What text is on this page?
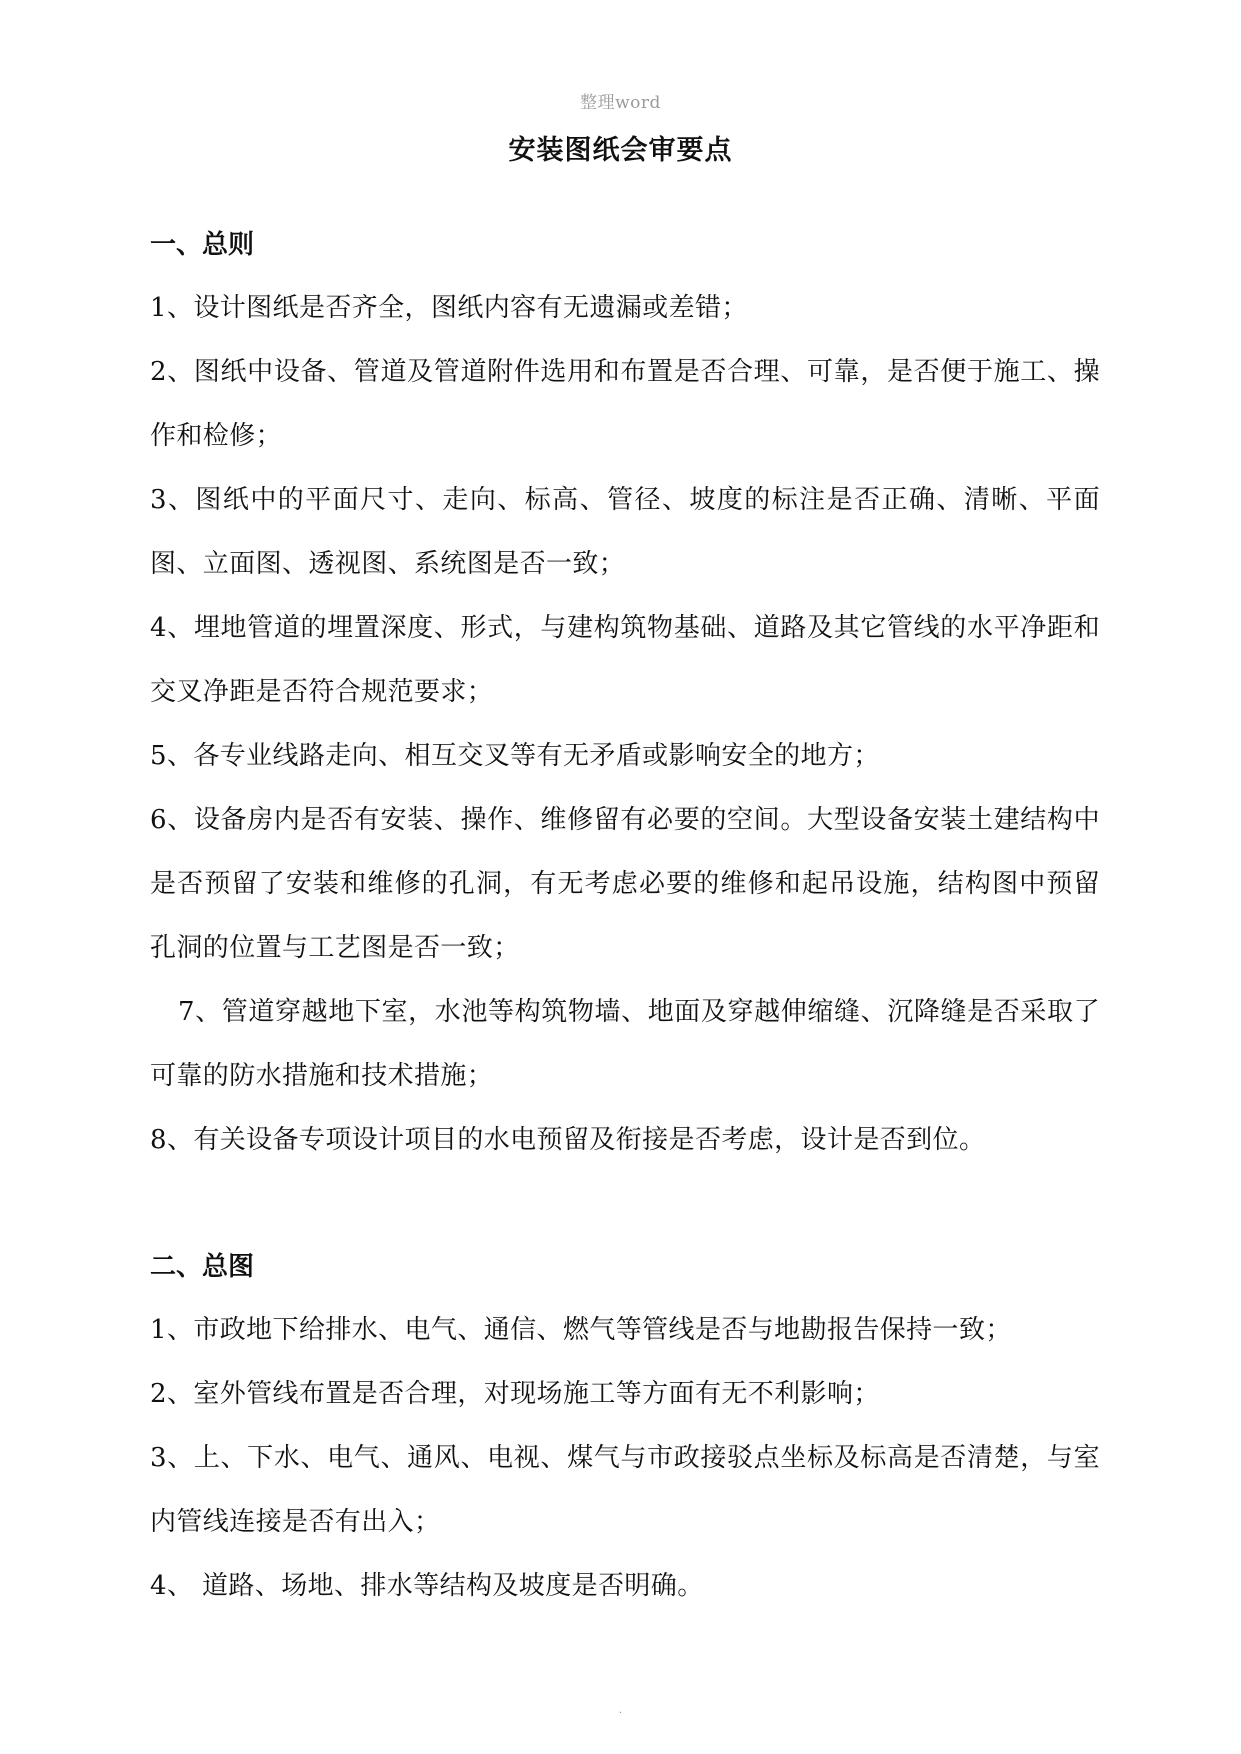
整理word
安装图纸会审要点

一、总则

1、设计图纸是否齐全，图纸内容有无遗漏或差错；

2、图纸中设备、管道及管道附件选用和布置是否合理、可靠，是否便于施工、操作和检修；

3、图纸中的平面尺寸、走向、标高、管径、坡度的标注是否正确、清晰、平面图、立面图、透视图、系统图是否一致；

4、埋地管道的埋置深度、形式，与建构筑物基础、道路及其它管线的水平净距和交叉净距是否符合规范要求；

5、各专业线路走向、相互交叉等有无矛盾或影响安全的地方；

6、设备房内是否有安装、操作、维修留有必要的空间。大型设备安装土建结构中是否预留了安装和维修的孔洞，有无考虑必要的维修和起吊设施，结构图中预留孔洞的位置与工艺图是否一致；

7、管道穿越地下室，水池等构筑物墙、地面及穿越伸缩缝、沉降缝是否采取了可靠的防水措施和技术措施；

8、有关设备专项设计项目的水电预留及衔接是否考虑，设计是否到位。

二、总图

1、市政地下给排水、电气、通信、燃气等管线是否与地勘报告保持一致；

2、室外管线布置是否合理，对现场施工等方面有无不利影响；

3、上、下水、电气、通风、电视、煤气与市政接驳点坐标及标高是否清楚，与室内管线连接是否有出入；

4、 道路、场地、排水等结构及坡度是否明确。

.
